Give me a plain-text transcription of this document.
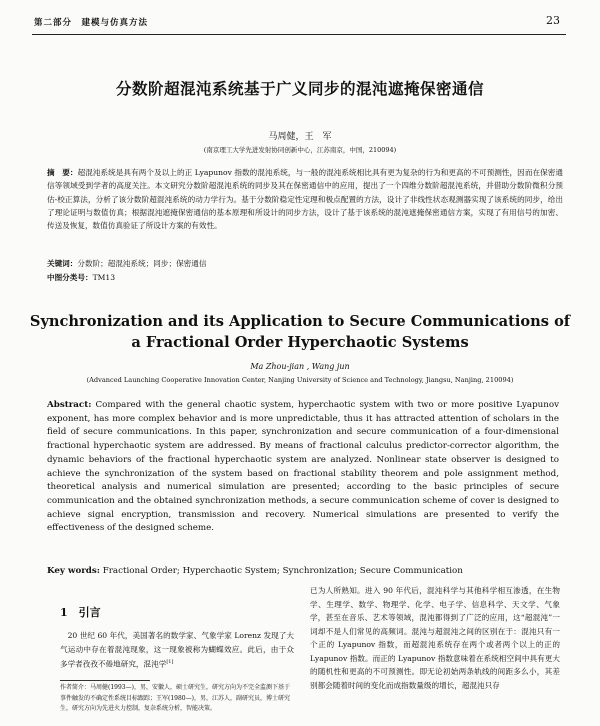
第二部分　建模与仿真方法	23
分数阶超混沌系统基于广义同步的混沌遮掩保密通信
马周健，王　军
(南京理工大学先进发射协同创新中心，江苏南京，中国，210094)
摘　要：超混沌系统是具有两个及以上的正 Lyapunov 指数的混沌系统，与一般的混沌系统相比具有更为复杂的行为和更高的不可预测性，因而在保密通信等领域受到学者的高度关注。本文研究分数阶超混沌系统的同步及其在保密通信中的应用，提出了一个四维分数阶超混沌系统，并借助分数阶微积分预估-校正算法，分析了该分数阶超混沌系统的动力学行为。基于分数阶稳定性定理和极点配置的方法，设计了非线性状态观测器实现了该系统的同步，给出了理论证明与数值仿真；根据混沌遮掩保密通信的基本原理和所设计的同步方法，设计了基于该系统的混沌遮掩保密通信方案，实现了有用信号的加密、传送及恢复，数值仿真验证了所设计方案的有效性。
关键词：分数阶；超混沌系统；同步；保密通信
中图分类号：TM13
Synchronization and its Application to Secure Communications of
a Fractional Order Hyperchaotic Systems
Ma Zhou-jian , Wang jun
(Advanced Launching Cooperative Innovation Center, Nanjing University of Science and Technology, Jiangsu, Nanjing, 210094)
Abstract: Compared with the general chaotic system, hyperchaotic system with two or more positive Lyapunov exponent, has more complex behavior and is more unpredictable, thus it has attracted attention of scholars in the field of secure communications. In this paper, synchronization and secure communication of a four-dimensional fractional hyperchaotic system are addressed. By means of fractional calculus predictor-corrector algorithm, the dynamic behaviors of the fractional hyperchaotic system are analyzed. Nonlinear state observer is designed to achieve the synchronization of the system based on fractional stability theorem and pole assignment method, theoretical analysis and numerical simulation are presented; according to the basic principles of secure communication and the obtained synchronization methods, a secure communication scheme of cover is designed to achieve signal encryption, transmission and recovery. Numerical simulations are presented to verify the effectiveness of the designed scheme.
Key words: Fractional Order; Hyperchaotic System; Synchronization; Secure Communication
1　引言

 20 世纪 60 年代，美国著名的数学家、气象学家 Lorenz 发现了大气运动中存在着混沌现象，这一现象被称为蝴蝶效应。此后，由于众多学者孜孜不倦地研究，混沌学[1]

作者简介：马周健(1993—)，男，安徽人，硕士研究生，研究方向为不完全监测下基于事件触发的不确定性系统目标跟踪；王军(1980—)，男，江苏人，副研究员，博士研究生，研究方向为先进火力控制，复杂系统分析，智能决策。

已为人所熟知。进入 90 年代后，混沌科学与其他科学相互渗透，在生物学、生理学、数学、物理学、化学、电子学、信息科学、天文学、气象学，甚至在音乐、艺术等领域，混沌都得到了广泛的应用，这“超混沌”一词却不是人们常见的高频词。混沌与超混沌之间的区别在于：混沌只有一个正的 Lyapunov 指数，而超混沌系统存在两个或者两个以上的正的 Lyapunov 指数。而正的 Lyapunov 指数意味着在系统相空间中具有更大的随机性和更高的不可预测性。即无论初始两条轨线的间距多么小，其差别都会随着时间的变化而成指数量级的增长，超混沌只存
